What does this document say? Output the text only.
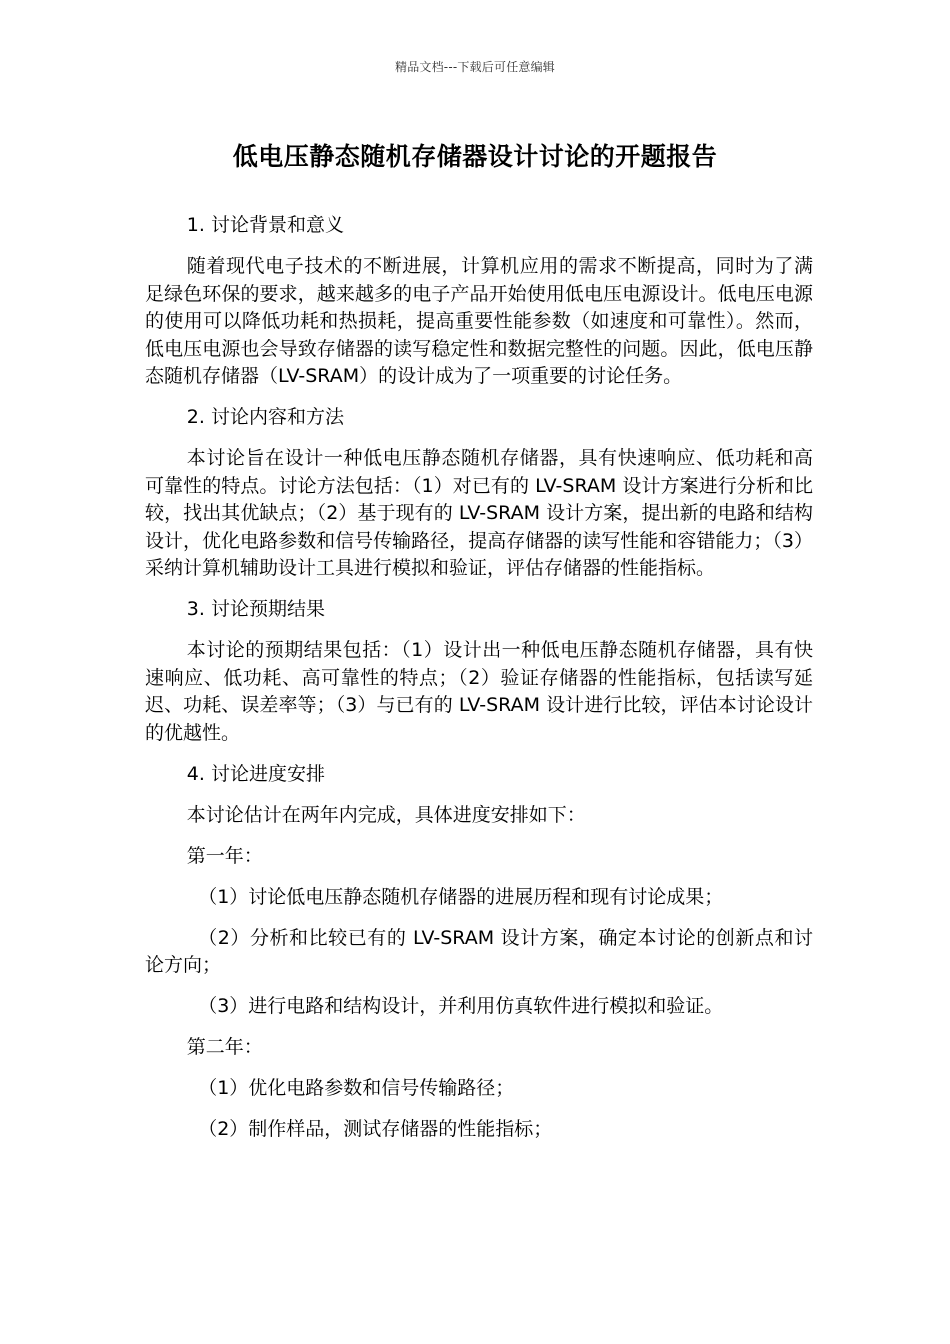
精品文档---下载后可任意编辑
低电压静态随机存储器设计讨论的开题报告

1. 讨论背景和意义

随着现代电子技术的不断进展，计算机应用的需求不断提高，同时为了满足绿色环保的要求，越来越多的电子产品开始使用低电压电源设计。低电压电源的使用可以降低功耗和热损耗，提高重要性能参数（如速度和可靠性）。然而，低电压电源也会导致存储器的读写稳定性和数据完整性的问题。因此，低电压静态随机存储器（LV-SRAM）的设计成为了一项重要的讨论任务。

2. 讨论内容和方法

本讨论旨在设计一种低电压静态随机存储器，具有快速响应、低功耗和高可靠性的特点。讨论方法包括：（1）对已有的 LV-SRAM 设计方案进行分析和比较，找出其优缺点；（2）基于现有的 LV-SRAM 设计方案，提出新的电路和结构设计，优化电路参数和信号传输路径，提高存储器的读写性能和容错能力；（3）采纳计算机辅助设计工具进行模拟和验证，评估存储器的性能指标。

3. 讨论预期结果

本讨论的预期结果包括：（1）设计出一种低电压静态随机存储器，具有快速响应、低功耗、高可靠性的特点；（2）验证存储器的性能指标，包括读写延迟、功耗、误差率等；（3）与已有的 LV-SRAM 设计进行比较，评估本讨论设计的优越性。

4. 讨论进度安排

本讨论估计在两年内完成，具体进度安排如下：

第一年：

（1）讨论低电压静态随机存储器的进展历程和现有讨论成果；

（2）分析和比较已有的 LV-SRAM 设计方案，确定本讨论的创新点和讨论方向；

（3）进行电路和结构设计，并利用仿真软件进行模拟和验证。

第二年：

（1）优化电路参数和信号传输路径；

（2）制作样品，测试存储器的性能指标；
